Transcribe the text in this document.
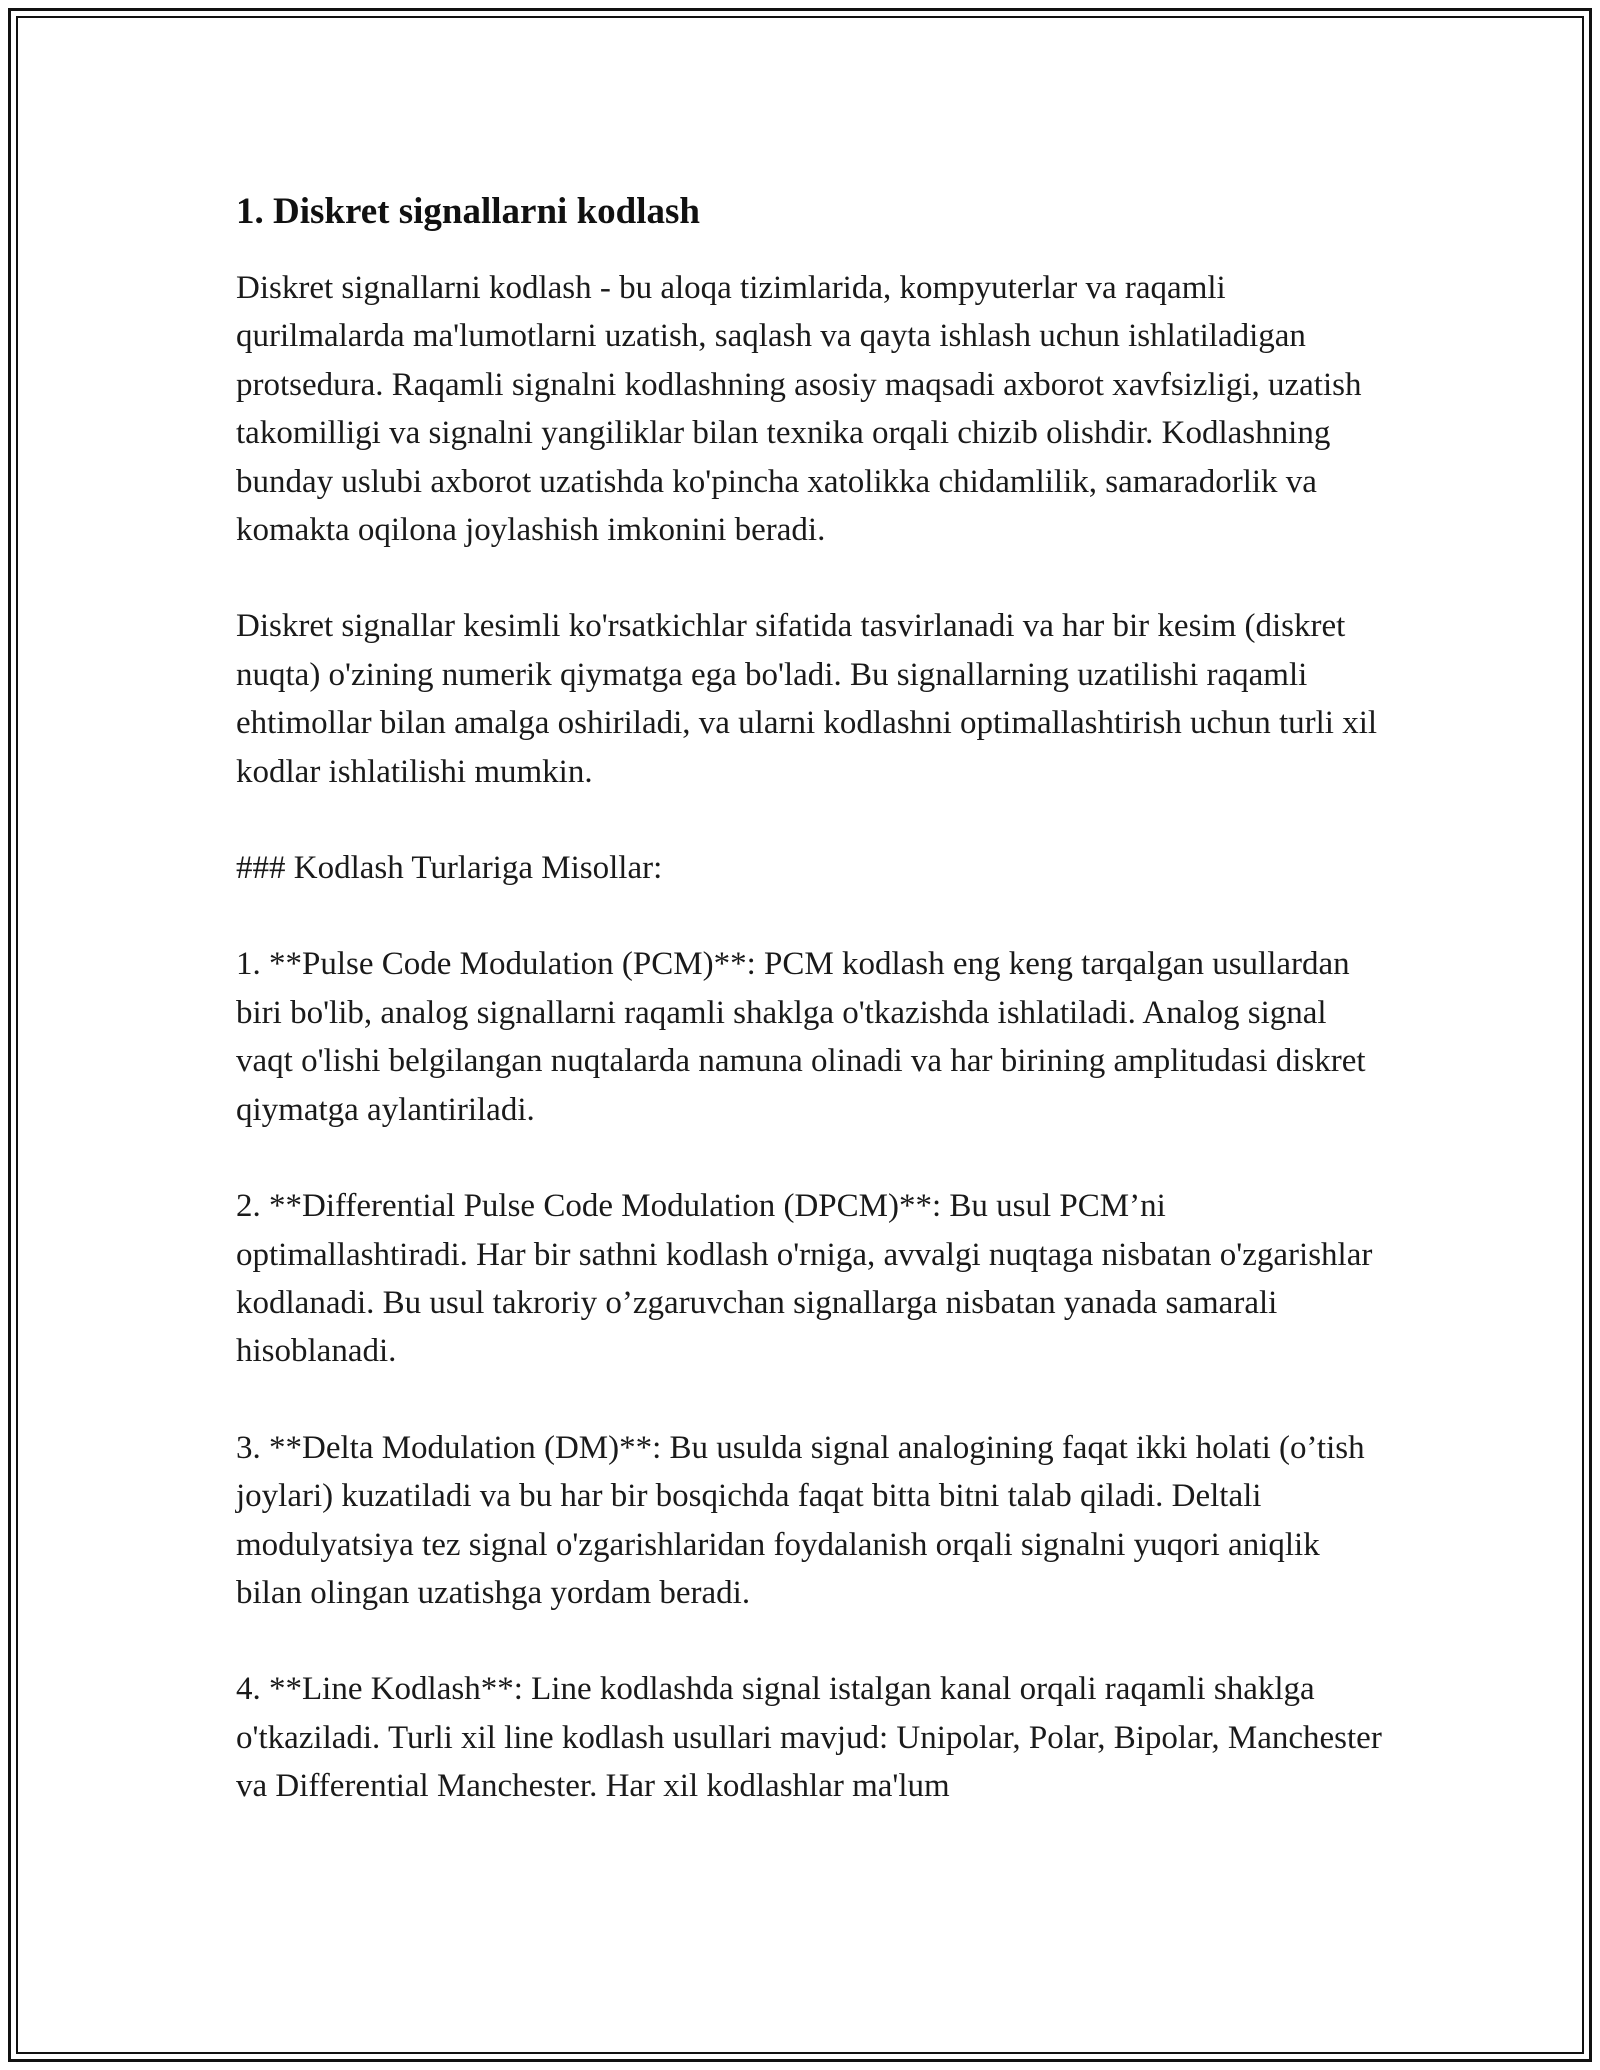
1. Diskret signallarni kodlash

Diskret signallarni kodlash - bu aloqa tizimlarida, kompyuterlar va raqamli qurilmalarda ma'lumotlarni uzatish, saqlash va qayta ishlash uchun ishlatiladigan protsedura. Raqamli signalni kodlashning asosiy maqsadi axborot xavfsizligi, uzatish takomilligi va signalni yangiliklar bilan texnika orqali chizib olishdir. Kodlashning bunday uslubi axborot uzatishda ko'pincha xatolikka chidamlilik, samaradorlik va komakta oqilona joylashish imkonini beradi.

Diskret signallar kesimli ko'rsatkichlar sifatida tasvirlanadi va har bir kesim (diskret nuqta) o'zining numerik qiymatga ega bo'ladi. Bu signallarning uzatilishi raqamli ehtimollar bilan amalga oshiriladi, va ularni kodlashni optimallashtirish uchun turli xil kodlar ishlatilishi mumkin.

### Kodlash Turlariga Misollar:

1. **Pulse Code Modulation (PCM)**: PCM kodlash eng keng tarqalgan usullardan biri bo'lib, analog signallarni raqamli shaklga o'tkazishda ishlatiladi. Analog signal vaqt o'lishi belgilangan nuqtalarda namuna olinadi va har birining amplitudasi diskret qiymatga aylantiriladi.

2. **Differential Pulse Code Modulation (DPCM)**: Bu usul PCM’ni optimallashtiradi. Har bir sathni kodlash o'rniga, avvalgi nuqtaga nisbatan o'zgarishlar kodlanadi. Bu usul takroriy o’zgaruvchan signallarga nisbatan yanada samarali hisoblanadi.

3. **Delta Modulation (DM)**: Bu usulda signal analogining faqat ikki holati (o’tish joylari) kuzatiladi va bu har bir bosqichda faqat bitta bitni talab qiladi. Deltali modulyatsiya tez signal o'zgarishlaridan foydalanish orqali signalni yuqori aniqlik bilan olingan uzatishga yordam beradi.

4. **Line Kodlash**: Line kodlashda signal istalgan kanal orqali raqamli shaklga o'tkaziladi. Turli xil line kodlash usullari mavjud: Unipolar, Polar, Bipolar, Manchester va Differential Manchester. Har xil kodlashlar ma'lum
